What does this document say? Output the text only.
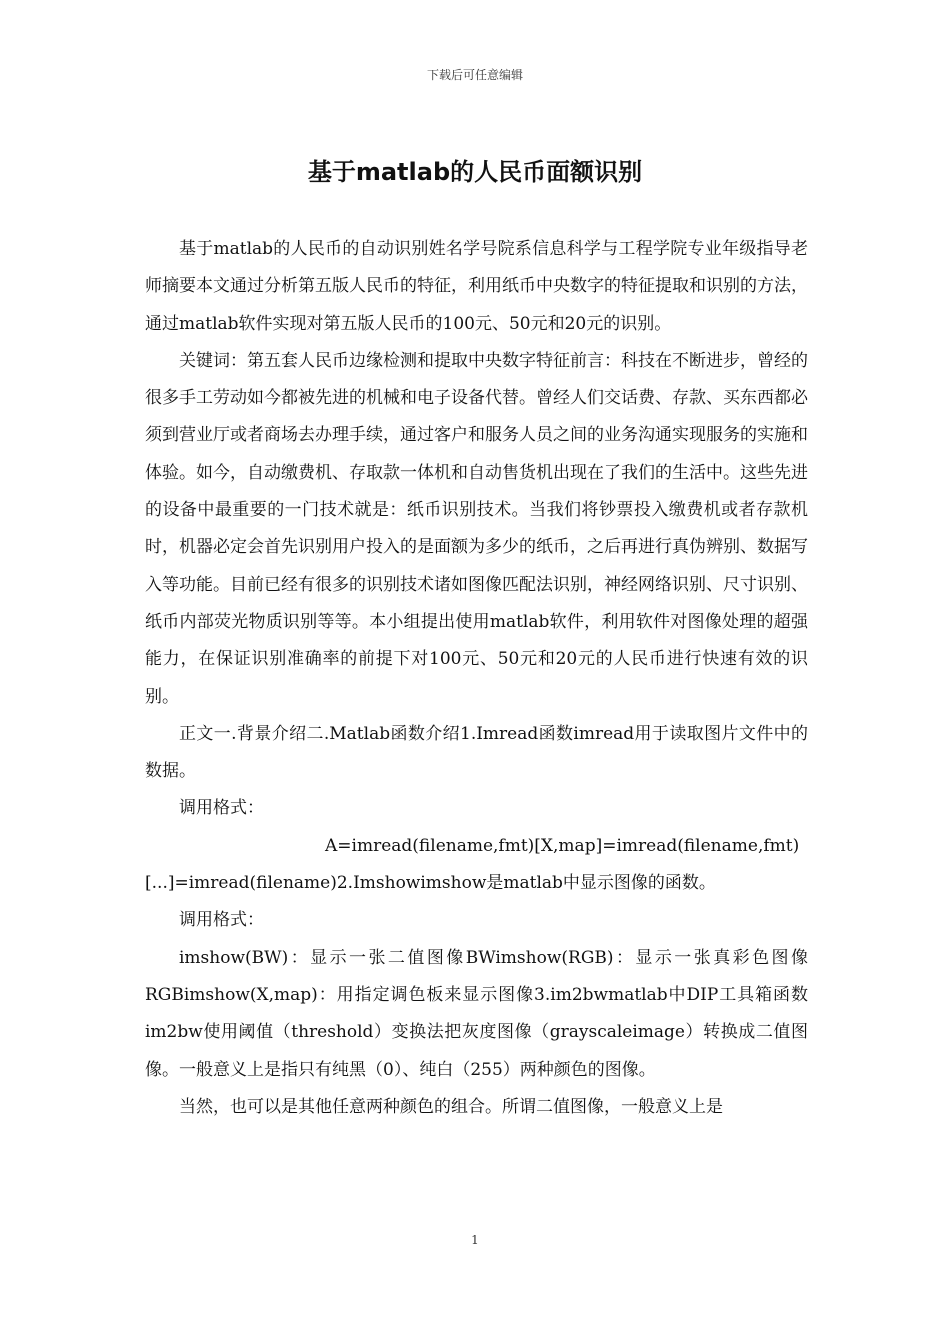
下载后可任意编辑
基于matlab的人民币面额识别

基于matlab的人民币的自动识别姓名学号院系信息科学与工程学院专业年级指导老师摘要本文通过分析第五版人民币的特征，利用纸币中央数字的特征提取和识别的方法，通过matlab软件实现对第五版人民币的100元、50元和20元的识别。

关键词：第五套人民币边缘检测和提取中央数字特征前言：科技在不断进步，曾经的很多手工劳动如今都被先进的机械和电子设备代替。曾经人们交话费、存款、买东西都必须到营业厅或者商场去办理手续，通过客户和服务人员之间的业务沟通实现服务的实施和体验。如今，自动缴费机、存取款一体机和自动售货机出现在了我们的生活中。这些先进的设备中最重要的一门技术就是：纸币识别技术。当我们将钞票投入缴费机或者存款机时，机器必定会首先识别用户投入的是面额为多少的纸币，之后再进行真伪辨别、数据写入等功能。目前已经有很多的识别技术诸如图像匹配法识别，神经网络识别、尺寸识别、纸币内部荧光物质识别等等。本小组提出使用matlab软件，利用软件对图像处理的超强能力，在保证识别准确率的前提下对100元、50元和20元的人民币进行快速有效的识别。

正文一.背景介绍二.Matlab函数介绍1.Imread函数imread用于读取图片文件中的数据。

调用格式：

A=imread(filename,fmt)[X,map]=imread(filename,fmt)[...]=imread(filename)2.Imshowimshow是matlab中显示图像的函数。

调用格式：

imshow(BW)：显示一张二值图像BWimshow(RGB)：显示一张真彩色图像RGBimshow(X,map)：用指定调色板来显示图像3.im2bwmatlab中DIP工具箱函数im2bw使用阈值（threshold）变换法把灰度图像（grayscaleimage）转换成二值图像。一般意义上是指只有纯黑（0）、纯白（255）两种颜色的图像。

当然，也可以是其他任意两种颜色的组合。所谓二值图像，一般意义上是

1
